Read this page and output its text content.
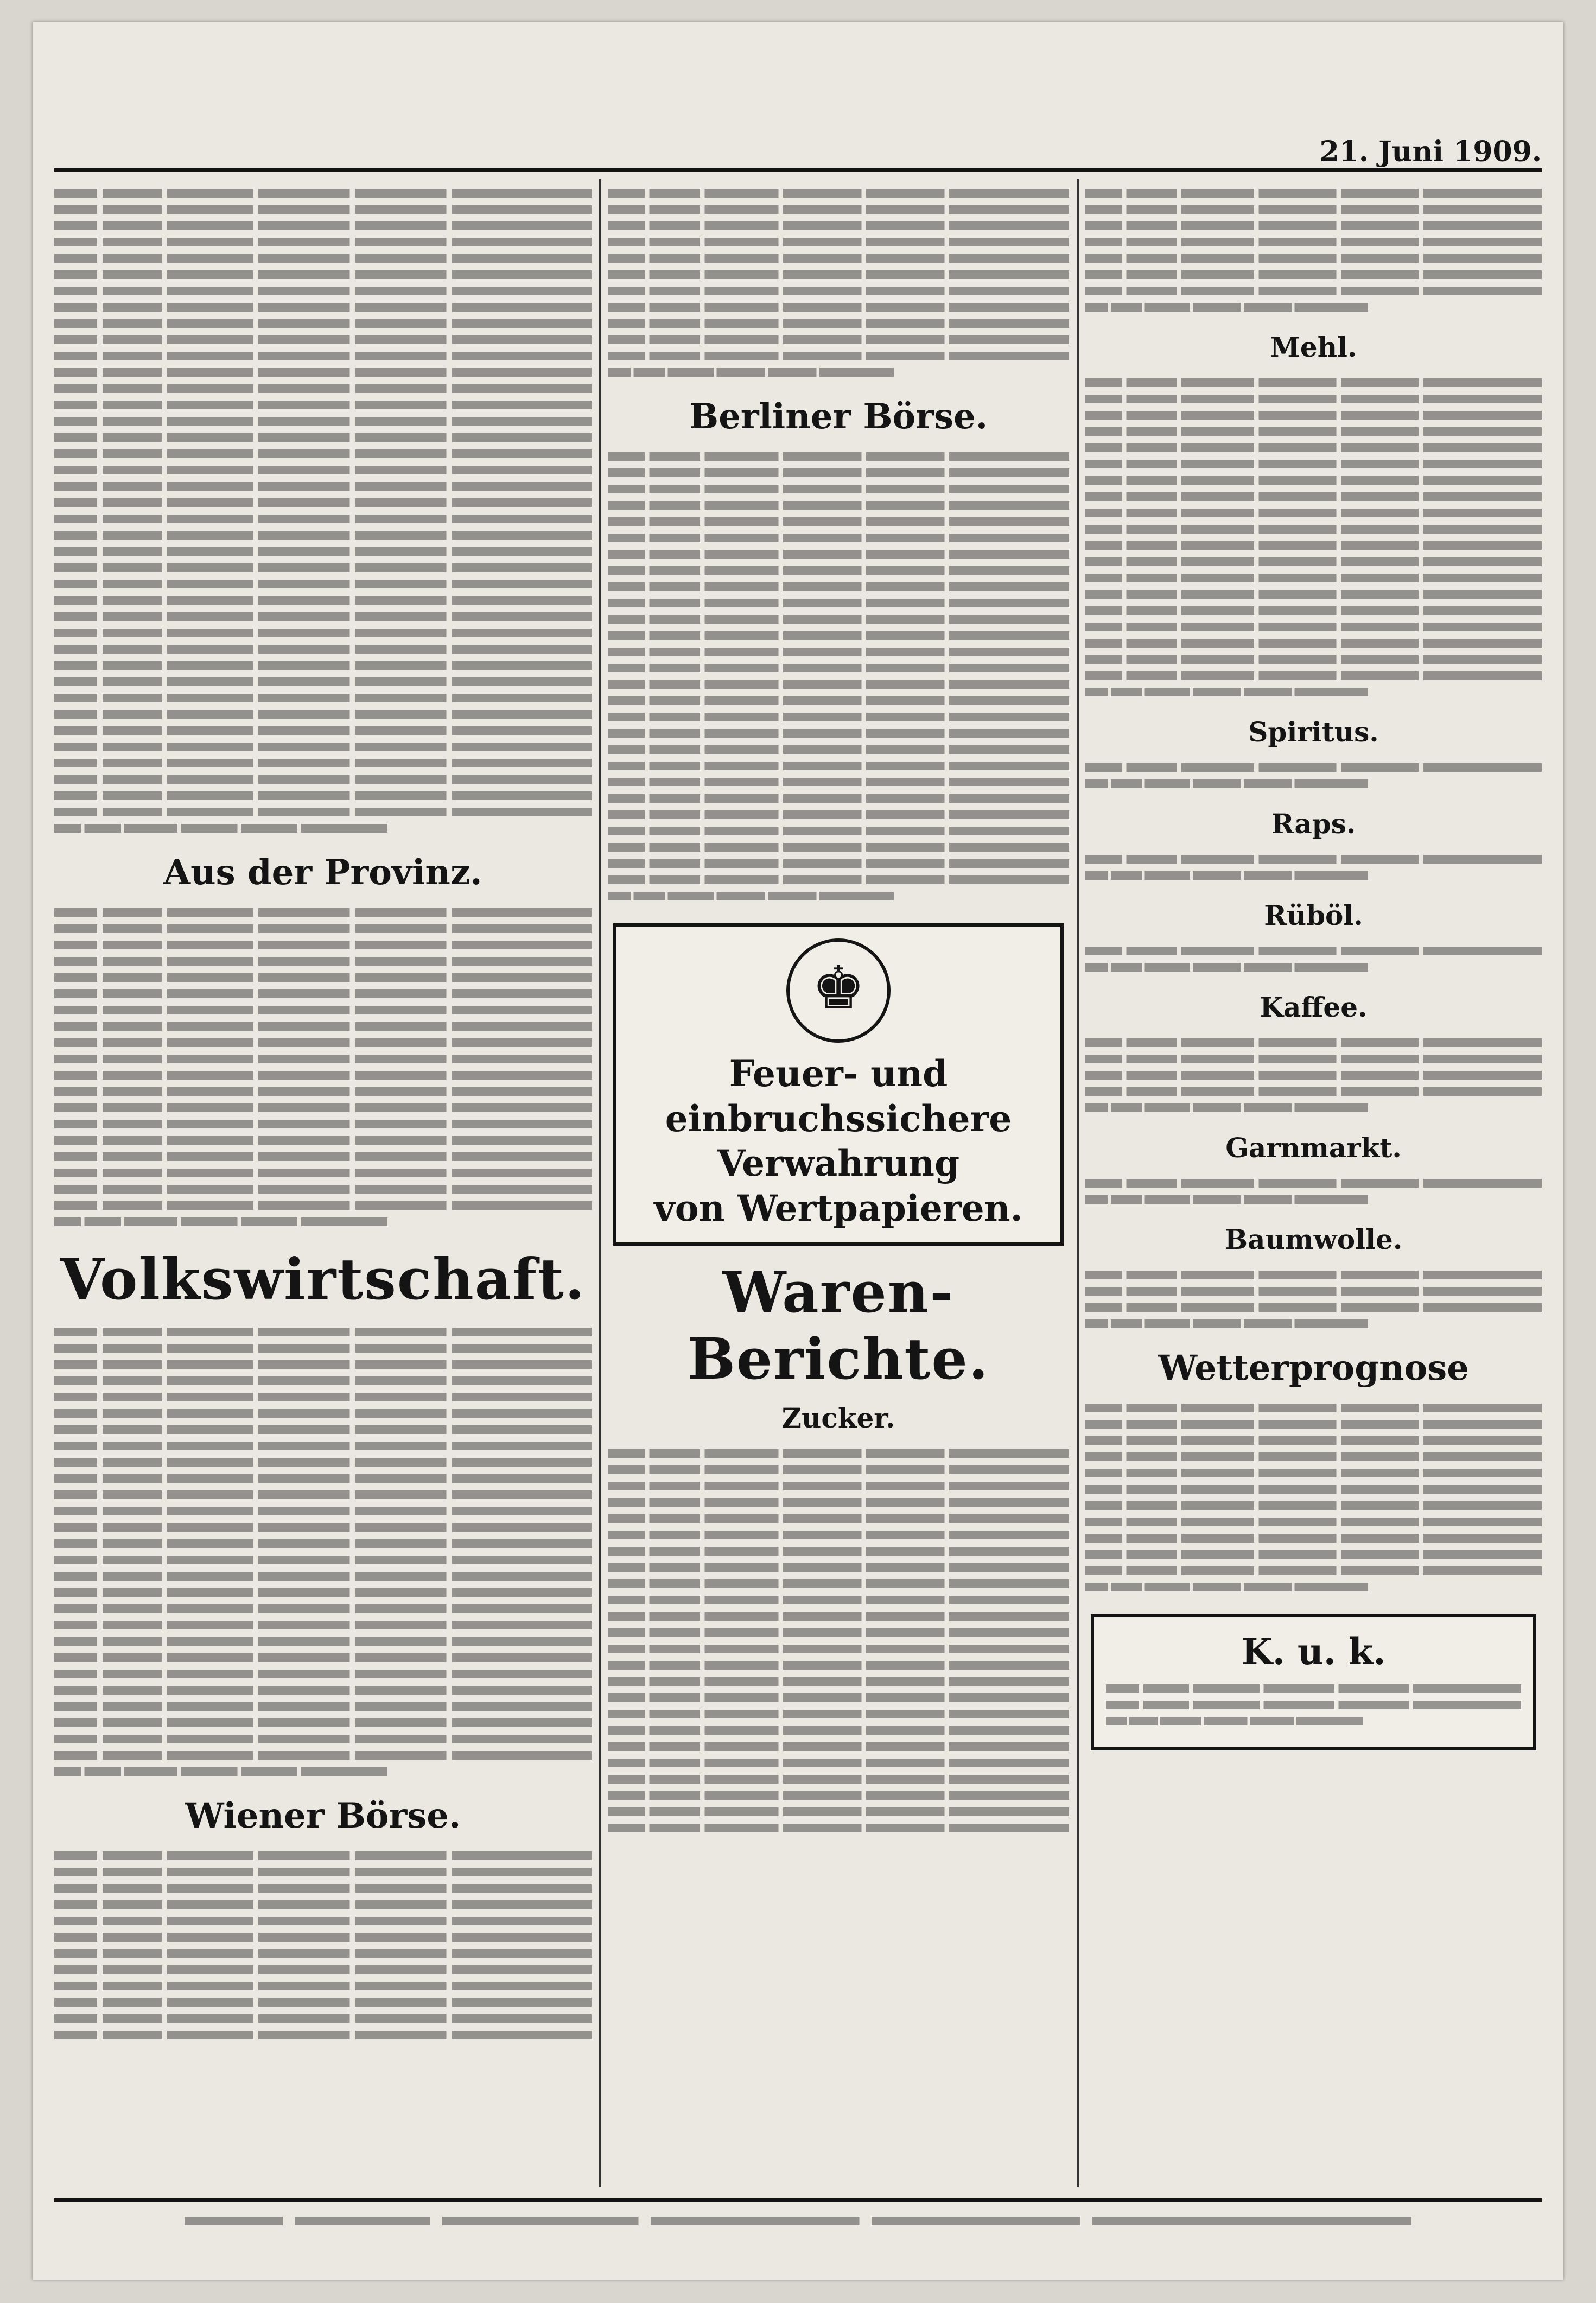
21. Juni 1909.
Aus der Provinz.
Volkswirtschaft.
Wiener Börse.
Berliner Börse.
♚
Feuer- und einbruchssichere Verwahrung
von Wertpapieren.
Waren-Berichte.
Zucker.
Mehl.
Spiritus.
Raps.
Rüböl.
Kaffee.
Garnmarkt.
Baumwolle.
Wetterprognose
K. u. k.
